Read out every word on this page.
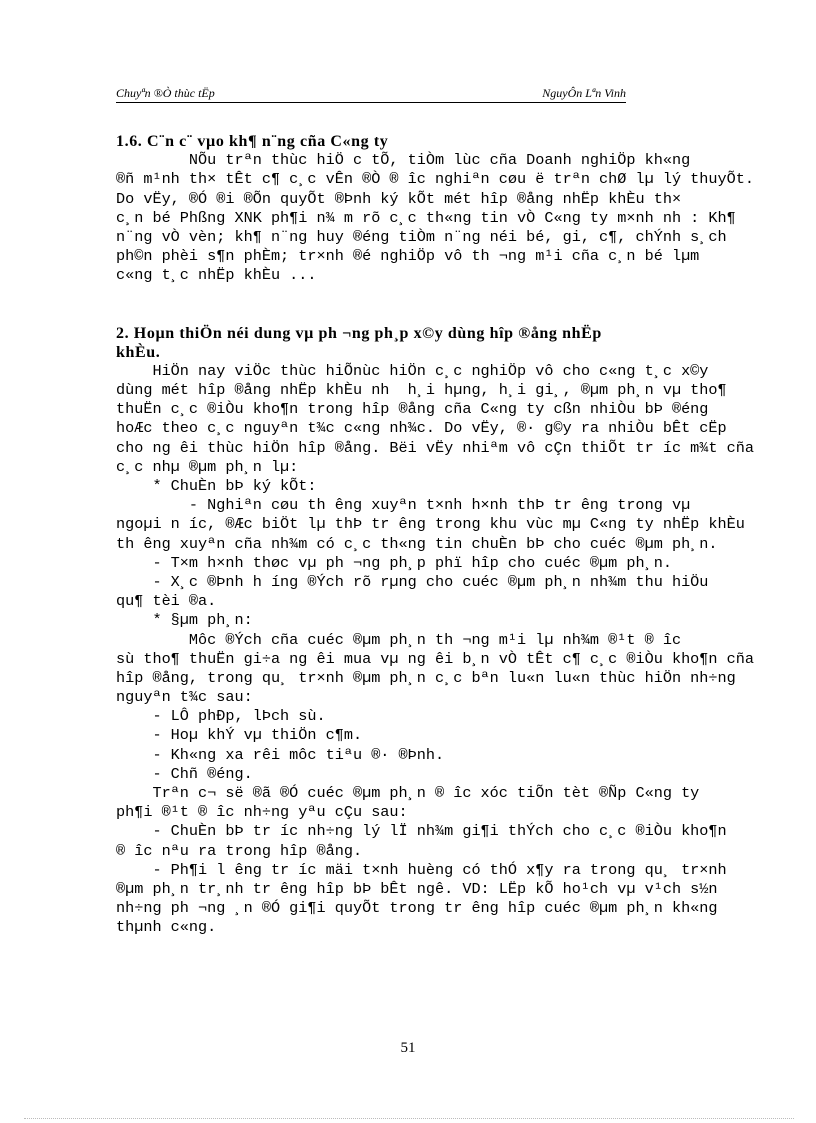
Chuyªn ®Ò thùc tËp	NguyÔn Lªn Vinh
1.6. C¨n c¨ vµo kh¶ n¨ng cña C«ng ty
NÕu trªn thùc hiÖ c tÕ, tiÒm lùc cña Doanh nghiÖp kh«ng
®ñ m¹nh th× tÊt c¶ c¸c vÊn ®Ò ® îc nghiªn cøu ë trªn chØ lµ lý thuyÕt.
Do vËy, ®Ó ®i ®Õn quyÕt ®Þnh ký kÕt mét hîp ®ång nhËp khÈu th×
c¸n bé Phßng XNK ph¶i n¾ m rõ c¸c th«ng tin vÒ C«ng ty m×nh nh : Kh¶
n¨ng vÒ vèn; kh¶ n¨ng huy ®éng tiÒm n¨ng néi bé, gi, c¶, chÝnh s¸ch
ph©n phèi s¶n phÈm; tr×nh ®é nghiÖp vô th ¬ng m¹i cña c¸n bé lµm
c«ng t¸c nhËp khÈu ...
2. Hoµn thiÖn néi dung vµ ph ¬ng ph¸p x©y dùng hîp ®ång nhËp
khÈu.
HiÖn nay viÖc thùc hiÕnùc hiÖn c¸c nghiÖp vô cho c«ng t¸c x©y
dùng mét hîp ®ång nhËp khÈu nh  h¸i hµng, h¸i gi¸, ®µm ph¸n vµ tho¶
thuËn c¸c ®iÒu kho¶n trong hîp ®ång cña C«ng ty cßn nhiÒu bÞ ®éng
hoÆc theo c¸c nguyªn t¾c c«ng nh¾c. Do vËy, ®· g©y ra nhiÒu bÊt cËp
cho ng êi thùc hiÖn hîp ®ång. Bëi vËy nhiªm vô cÇn thiÕt tr íc m¾t cña
c¸c nhµ ®µm ph¸n lµ:
* ChuÈn bÞ ký kÕt:
- Nghiªn cøu th êng xuyªn t×nh h×nh thÞ tr êng trong vµ
ngoµi n íc, ®Æc biÖt lµ thÞ tr êng trong khu vùc mµ C«ng ty nhËp khÈu
th êng xuyªn cña nh¾m có c¸c th«ng tin chuÈn bÞ cho cuéc ®µm ph¸n.
- T×m h×nh thøc vµ ph ¬ng ph¸p phï hîp cho cuéc ®µm ph¸n.
- X¸c ®Þnh h íng ®Ých rõ rµng cho cuéc ®µm ph¸n nh¾m thu hiÖu
qu¶ tèi ®a.
* §µm ph¸n:
Môc ®Ých cña cuéc ®µm ph¸n th ¬ng m¹i lµ nh¾m ®¹t ® îc
sù tho¶ thuËn gi÷a ng êi mua vµ ng êi b¸n vÒ tÊt c¶ c¸c ®iÒu kho¶n cña
hîp ®ång, trong qu¸ tr×nh ®µm ph¸n c¸c bªn lu«n lu«n thùc hiÖn nh÷ng
nguyªn t¾c sau:
- LÔ phÐp, lÞch sù.
- Hoµ khÝ vµ thiÖn c¶m.
- Kh«ng xa rêi môc tiªu ®· ®Þnh.
- Chñ ®éng.
Trªn c¬ së ®ã ®Ó cuéc ®µm ph¸n ® îc xóc tiÕn tèt ®Ñp C«ng ty
ph¶i ®¹t ® îc nh÷ng yªu cÇu sau:
- ChuÈn bÞ tr íc nh÷ng lý lÏ nh¾m gi¶i thÝch cho c¸c ®iÒu kho¶n
® îc nªu ra trong hîp ®ång.
- Ph¶i l êng tr íc mäi t×nh huèng có thÓ x¶y ra trong qu¸ tr×nh
®µm ph¸n tr¸nh tr êng hîp bÞ bÊt ngê. VD: LËp kÕ ho¹ch vµ v¹ch s½n
nh÷ng ph ¬ng ¸n ®Ó gi¶i quyÕt trong tr êng hîp cuéc ®µm ph¸n kh«ng
thµnh c«ng.
51
